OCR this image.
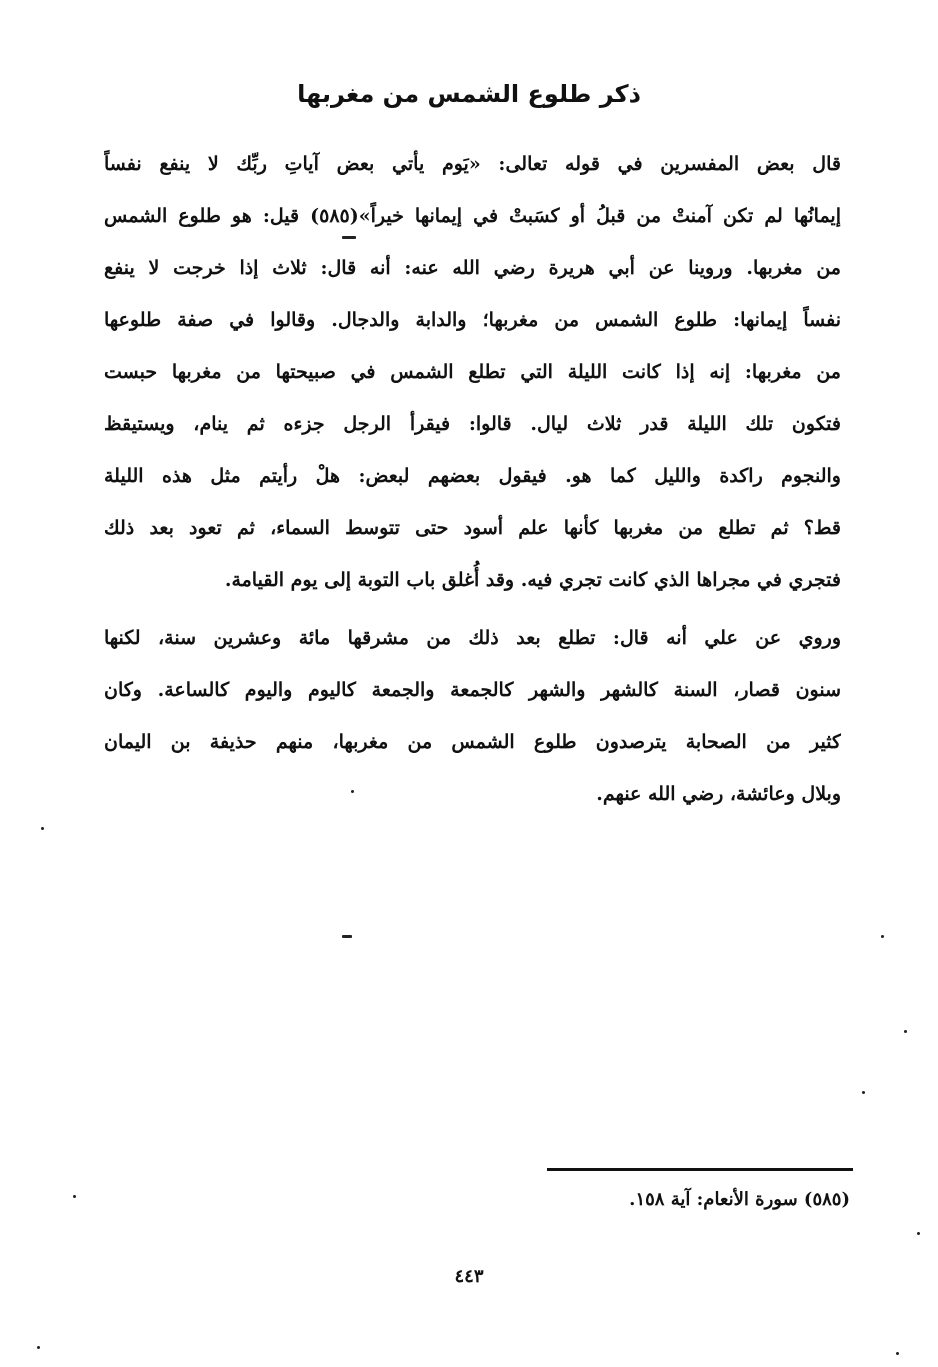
ذكر طلوع الشمس من مغربها
قال بعض المفسرين في قوله تعالى: «يَوم يأتي بعض آياتِ ربِّك لا ينفع نفساً
إيمانُها لم تكن آمنتْ من قبلُ أو كسَبتْ في إيمانها خيراً»(٥٨٥) قيل: هو طلوع الشمس
من مغربها. وروينا عن أبي هريرة رضي الله عنه: أنه قال: ثلاث إذا خرجت لا ينفع
نفساً إيمانها: طلوع الشمس من مغربها؛ والدابة والدجال. وقالوا في صفة طلوعها
من مغربها: إنه إذا كانت الليلة التي تطلع الشمس في صبيحتها من مغربها حبست
فتكون تلك الليلة قدر ثلاث ليال. قالوا: فيقرأ الرجل جزءه ثم ينام، ويستيقظ
والنجوم راكدة والليل كما هو. فيقول بعضهم لبعض: هلْ رأيتم مثل هذه الليلة
قط؟ ثم تطلع من مغربها كأنها علم أسود حتى تتوسط السماء، ثم تعود بعد ذلك
فتجري في مجراها الذي كانت تجري فيه. وقد أُغلق باب التوبة إلى يوم القيامة.
وروي عن علي أنه قال: تطلع بعد ذلك من مشرقها مائة وعشرين سنة، لكنها
سنون قصار، السنة كالشهر والشهر كالجمعة والجمعة كاليوم واليوم كالساعة. وكان
كثير من الصحابة يترصدون طلوع الشمس من مغربها، منهم حذيفة بن اليمان
وبلال وعائشة، رضي الله عنهم.
(٥٨٥) سورة الأنعام: آية ١٥٨.
٤٤٣
